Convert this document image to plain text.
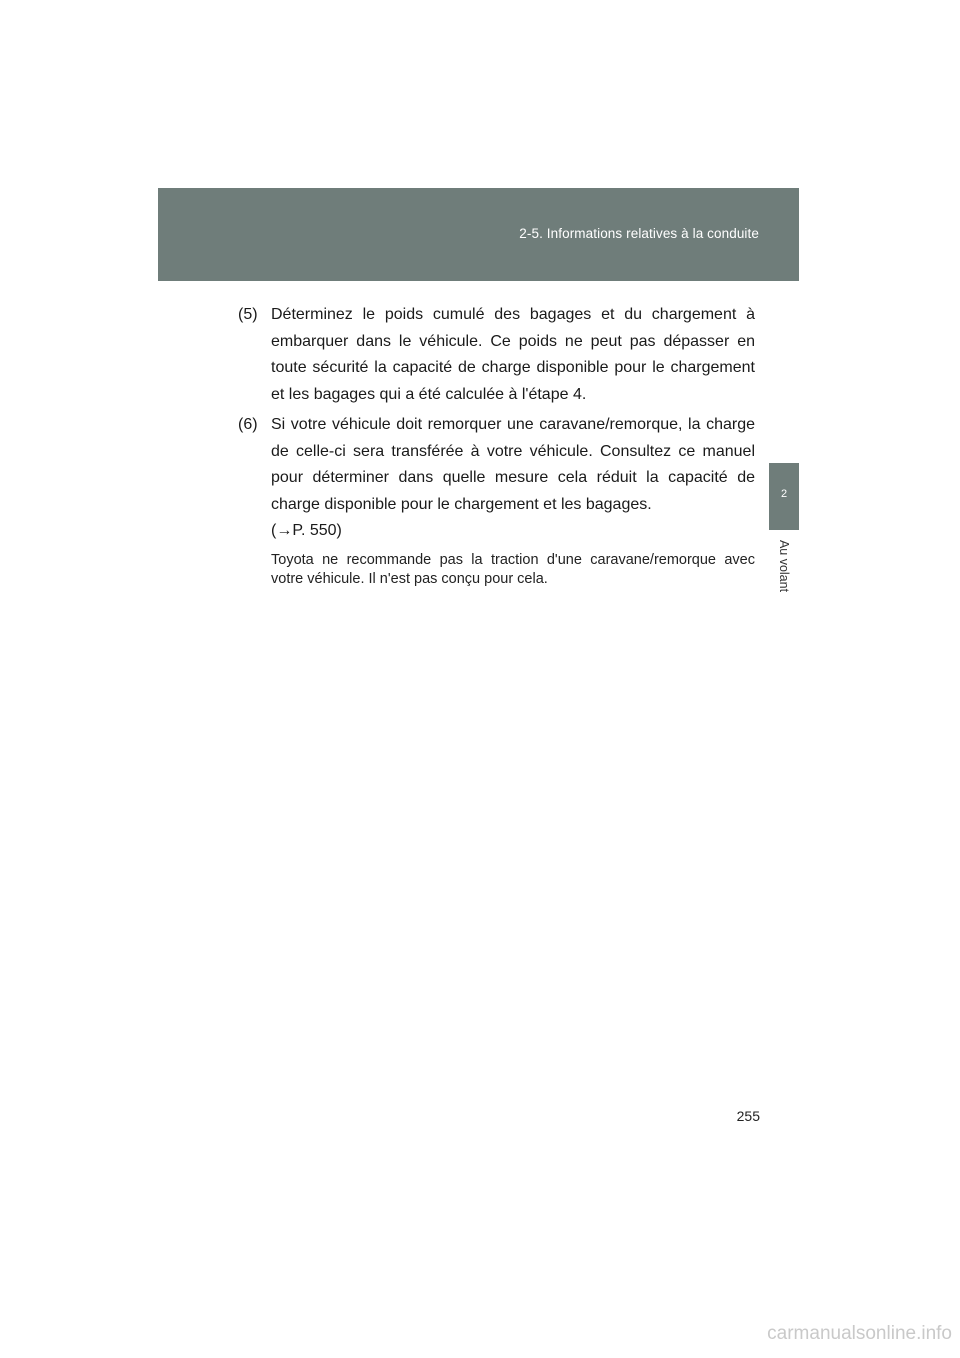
2-5. Informations relatives à la conduite
2
Au volant
(5) Déterminez le poids cumulé des bagages et du chargement à embarquer dans le véhicule. Ce poids ne peut pas dépasser en toute sécurité la capacité de charge disponible pour le chargement et les bagages qui a été calculée à l'étape 4.
(6) Si votre véhicule doit remorquer une caravane/remorque, la charge de celle-ci sera transférée à votre véhicule. Consultez ce manuel pour déterminer dans quelle mesure cela réduit la capacité de charge disponible pour le chargement et les bagages.
(→P. 550)
Toyota ne recommande pas la traction d'une caravane/remorque avec votre véhicule. Il n'est pas conçu pour cela.
255
carmanualsonline.info
